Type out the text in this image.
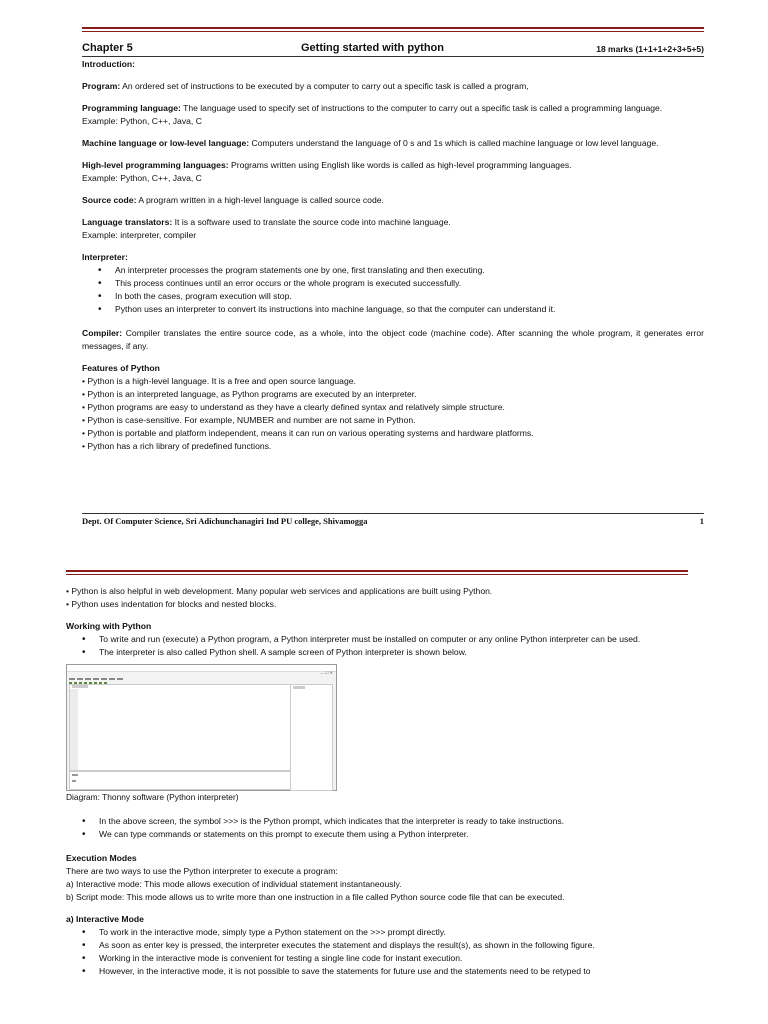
Chapter 5	Getting started with python	18 marks (1+1+1+2+3+5+5)

Introduction:

Program: An ordered set of instructions to be executed by a computer to carry out a specific task is called a program,

Programming language: The language used to specify set of instructions to the computer to carry out a specific task is called a programming language.

Example: Python, C++, Java, C

Machine language or low-level language: Computers understand the language of 0 s and 1s which is called machine language or low level language.

High-level programming languages: Programs written using English like words is called as high-level programming languages.

Example: Python, C++, Java, C

Source code: A program written in a high-level language is called source code.

Language translators: It is a software used to translate the source code into machine language.

Example: interpreter, compiler

Interpreter:

• An interpreter processes the program statements one by one, first translating and then executing.
• This process continues until an error occurs or the whole program is executed successfully.
• In both the cases, program execution will stop.
• Python uses an interpreter to convert its instructions into machine language, so that the computer can understand it.

Compiler: Compiler translates the entire source code, as a whole, into the object code (machine code). After scanning the whole program, it generates error messages, if any.

Features of Python

• Python is a high-level language. It is a free and open source language.

• Python is an interpreted language, as Python programs are executed by an interpreter.

• Python programs are easy to understand as they have a clearly defined syntax and relatively simple structure.

• Python is case-sensitive. For example, NUMBER and number are not same in Python.

• Python is portable and platform independent, means it can run on various operating systems and hardware platforms.

• Python has a rich library of predefined functions.

Dept. Of Computer Science, Sri Adichunchanagiri Ind PU college, Shivamogga	1

• Python is also helpful in web development. Many popular web services and applications are built using Python.

• Python uses indentation for blocks and nested blocks.

Working with Python

• To write and run (execute) a Python program, a Python interpreter must be installed on computer or any online Python interpreter can be used.
• The interpreter is also called Python shell. A sample screen of Python interpreter is shown below.
— ☐ ✕

Diagram: Thonny software (Python interpreter)

• In the above screen, the symbol >>> is the Python prompt, which indicates that the interpreter is ready to take instructions.
• We can type commands or statements on this prompt to execute them using a Python interpreter.

Execution Modes

There are two ways to use the Python interpreter to execute a program:

a) Interactive mode: This mode allows execution of individual statement instantaneously.

b) Script mode: This mode allows us to write more than one instruction in a file called Python source code file that can be executed.

a) Interactive Mode

• To work in the interactive mode, simply type a Python statement on the >>> prompt directly.
• As soon as enter key is pressed, the interpreter executes the statement and displays the result(s), as shown in the following figure.
• Working in the interactive mode is convenient for testing a single line code for instant execution.
• However, in the interactive mode, it is not possible to save the statements for future use and the statements need to be retyped to
